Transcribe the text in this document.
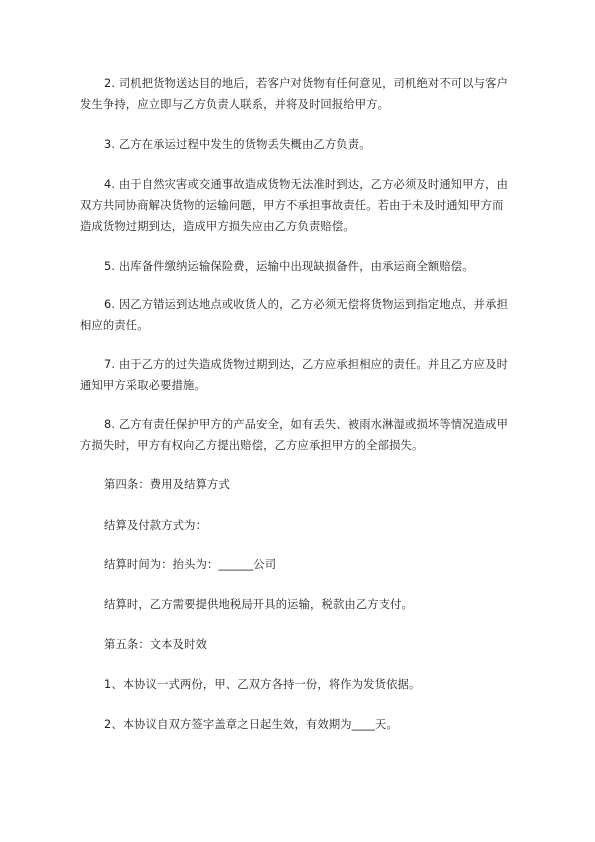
2. 司机把货物送达目的地后，若客户对货物有任何意见，司机绝对不可以与客户
发生争持，应立即与乙方负责人联系，并将及时回报给甲方。

3. 乙方在承运过程中发生的货物丢失概由乙方负责。

4. 由于自然灾害或交通事故造成货物无法准时到达，乙方必须及时通知甲方，由
双方共同协商解决货物的运输问题，甲方不承担事故责任。若由于未及时通知甲方而
造成货物过期到达，造成甲方损失应由乙方负责赔偿。

5. 出库备件缴纳运输保险费，运输中出现缺损备件，由承运商全额赔偿。

6. 因乙方错运到达地点或收货人的，乙方必须无偿将货物运到指定地点，并承担
相应的责任。

7. 由于乙方的过失造成货物过期到达，乙方应承担相应的责任。并且乙方应及时
通知甲方采取必要措施。

8. 乙方有责任保护甲方的产品安全，如有丢失、被雨水淋湿或损坏等情况造成甲
方损失时，甲方有权向乙方提出赔偿，乙方应承担甲方的全部损失。

第四条：费用及结算方式

结算及付款方式为：

结算时间为：抬头为：______公司

结算时，乙方需要提供地税局开具的运输，税款由乙方支付。

第五条：文本及时效

1、本协议一式两份，甲、乙双方各持一份，将作为发货依据。

2、本协议自双方签字盖章之日起生效，有效期为____天。
